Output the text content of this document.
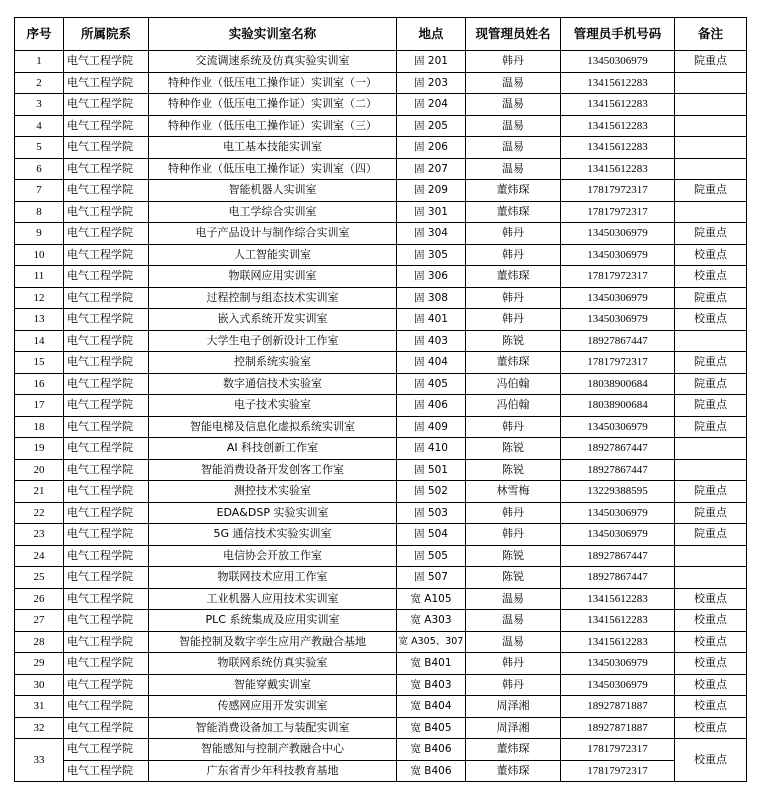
序号	所属院系	实验实训室名称	地点	现管理员姓名	管理员手机号码	备注
1	电气工程学院	交流调速系统及仿真实验实训室	固 201	韩丹	13450306979	院重点
2	电气工程学院	特种作业（低压电工操作证）实训室（一）	固 203	温易	13415612283	
3	电气工程学院	特种作业（低压电工操作证）实训室（二）	固 204	温易	13415612283	
4	电气工程学院	特种作业（低压电工操作证）实训室（三）	固 205	温易	13415612283	
5	电气工程学院	电工基本技能实训室	固 206	温易	13415612283	
6	电气工程学院	特种作业（低压电工操作证）实训室（四）	固 207	温易	13415612283	
7	电气工程学院	智能机器人实训室	固 209	董炜琛	17817972317	院重点
8	电气工程学院	电工学综合实训室	固 301	董炜琛	17817972317	
9	电气工程学院	电子产品设计与制作综合实训室	固 304	韩丹	13450306979	院重点
10	电气工程学院	人工智能实训室	固 305	韩丹	13450306979	校重点
11	电气工程学院	物联网应用实训室	固 306	董炜琛	17817972317	校重点
12	电气工程学院	过程控制与组态技术实训室	固 308	韩丹	13450306979	院重点
13	电气工程学院	嵌入式系统开发实训室	固 401	韩丹	13450306979	校重点
14	电气工程学院	大学生电子创新设计工作室	固 403	陈锐	18927867447	
15	电气工程学院	控制系统实验室	固 404	董炜琛	17817972317	院重点
16	电气工程学院	数字通信技术实验室	固 405	冯伯翰	18038900684	院重点
17	电气工程学院	电子技术实验室	固 406	冯伯翰	18038900684	院重点
18	电气工程学院	智能电梯及信息化虚拟系统实训室	固 409	韩丹	13450306979	院重点
19	电气工程学院	AI 科技创新工作室	固 410	陈锐	18927867447	
20	电气工程学院	智能消费设备开发创客工作室	固 501	陈锐	18927867447	
21	电气工程学院	测控技术实验室	固 502	林雪梅	13229388595	院重点
22	电气工程学院	EDA&DSP 实验实训室	固 503	韩丹	13450306979	院重点
23	电气工程学院	5G 通信技术实验实训室	固 504	韩丹	13450306979	院重点
24	电气工程学院	电信协会开放工作室	固 505	陈锐	18927867447	
25	电气工程学院	物联网技术应用工作室	固 507	陈锐	18927867447	
26	电气工程学院	工业机器人应用技术实训室	宽 A105	温易	13415612283	校重点
27	电气工程学院	PLC 系统集成及应用实训室	宽 A303	温易	13415612283	校重点
28	电气工程学院	智能控制及数字孪生应用产教融合基地	宽 A305、307	温易	13415612283	校重点
29	电气工程学院	物联网系统仿真实验室	宽 B401	韩丹	13450306979	校重点
30	电气工程学院	智能穿戴实训室	宽 B403	韩丹	13450306979	校重点
31	电气工程学院	传感网应用开发实训室	宽 B404	周泽湘	18927871887	校重点
32	电气工程学院	智能消费设备加工与装配实训室	宽 B405	周泽湘	18927871887	校重点
33	电气工程学院	智能感知与控制产教融合中心	宽 B406	董炜琛	17817972317	校重点
	电气工程学院	广东省青少年科技教育基地	宽 B406	董炜琛	17817972317	
